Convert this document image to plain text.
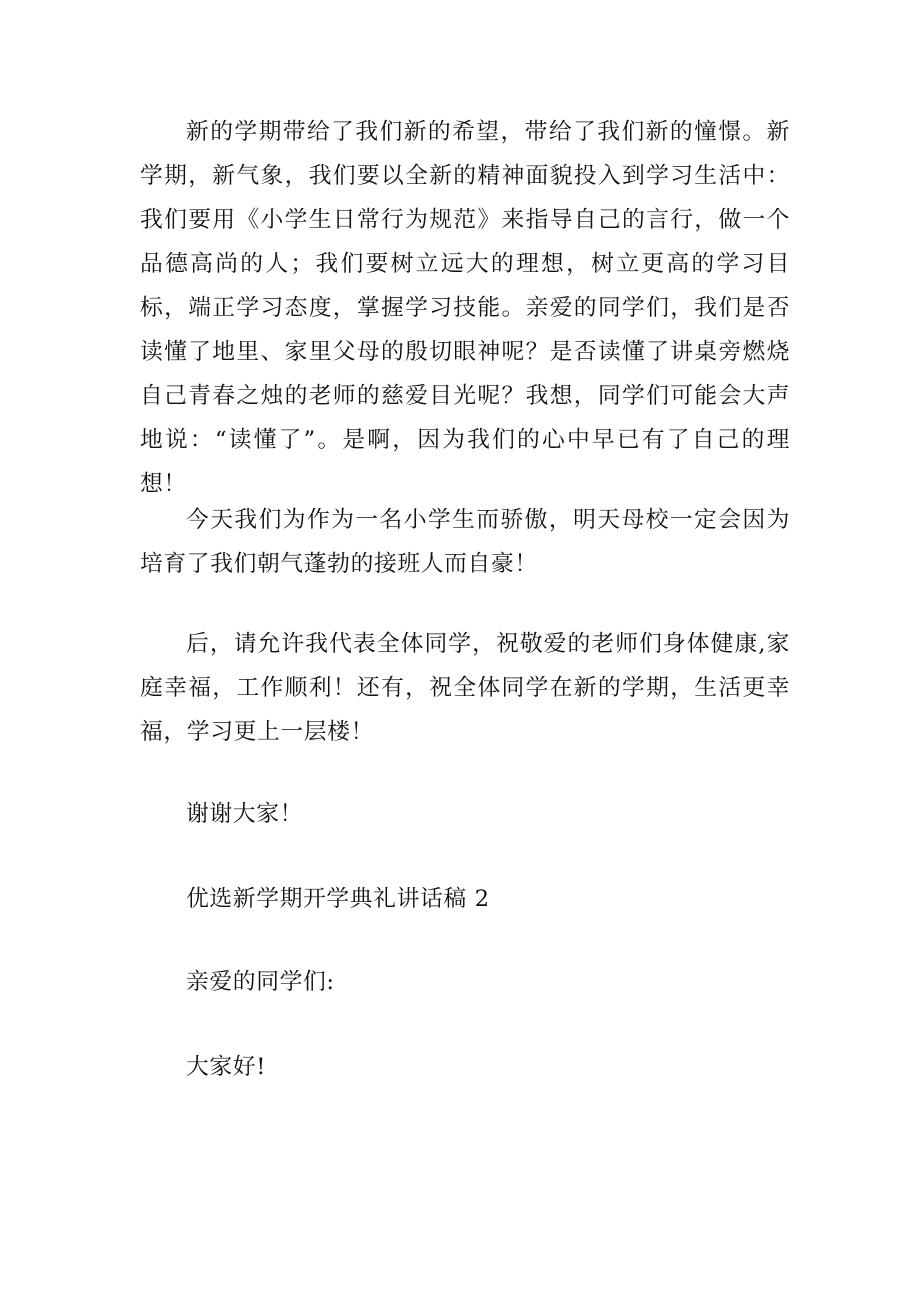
新的学期带给了我们新的希望，带给了我们新的憧憬。新学期，新气象，我们要以全新的精神面貌投入到学习生活中：我们要用《小学生日常行为规范》来指导自己的言行，做一个品德高尚的人；我们要树立远大的理想，树立更高的学习目标，端正学习态度，掌握学习技能。亲爱的同学们，我们是否读懂了地里、家里父母的殷切眼神呢？是否读懂了讲桌旁燃烧自己青春之烛的老师的慈爱目光呢？我想，同学们可能会大声地说：“读懂了”。是啊，因为我们的心中早已有了自己的理想！

今天我们为作为一名小学生而骄傲，明天母校一定会因为培育了我们朝气蓬勃的接班人而自豪！

后，请允许我代表全体同学，祝敬爱的老师们身体健康,家庭幸福，工作顺利！还有，祝全体同学在新的学期，生活更幸福，学习更上一层楼！

谢谢大家！

优选新学期开学典礼讲话稿 2

亲爱的同学们:

大家好!
